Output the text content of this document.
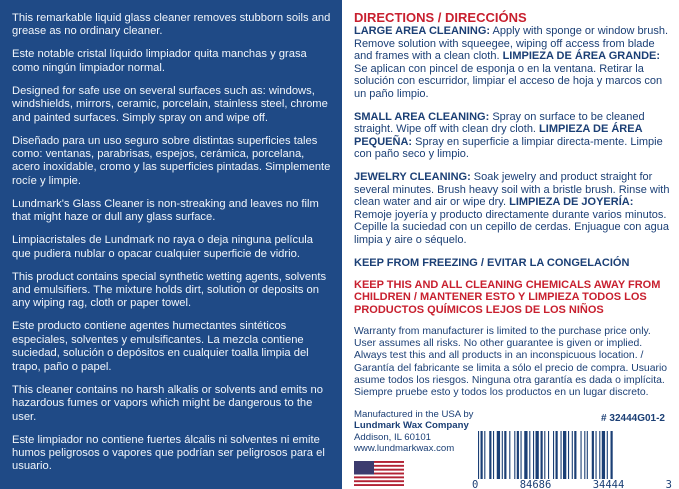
This remarkable liquid glass cleaner removes stubborn soils and grease as no ordinary cleaner.

Este notable cristal líquido limpiador quita manchas y grasa como ningún limpiador normal.

Designed for safe use on several surfaces such as: windows, windshields, mirrors, ceramic, porcelain, stainless steel, chrome and painted surfaces. Simply spray on and wipe off.

Diseñado para un uso seguro sobre distintas superficies tales como: ventanas, parabrisas, espejos, cerámica, porcelana, acero inoxidable, cromo y las superficies pintadas. Simplemente rocíe y limpie.

Lundmark's Glass Cleaner is non-streaking and leaves no film that might haze or dull any glass surface.

Limpiacristales de Lundmark no raya o deja ninguna película que pudiera nublar o opacar cualquier superficie de vidrio.

This product contains special synthetic wetting agents, solvents and emulsifiers. The mixture holds dirt, solution or deposits on any wiping rag, cloth or paper towel.

Este producto contiene agentes humectantes sintéticos especiales, solventes y emulsificantes. La mezcla contiene suciedad, solución o depósitos en cualquier toalla limpia del trapo, paño o papel.

This cleaner contains no harsh alkalis or solvents and emits no hazardous fumes or vapors which might be dangerous to the user.

Este limpiador no contiene fuertes álcalis ni solventes ni emite humos peligrosos o vapores que podrían ser peligrosos para el usuario.

DIRECTIONS / DIRECCIÓNS

LARGE AREA CLEANING: Apply with sponge or window brush. Remove solution with squeegee, wiping off access from blade and frames with a clean cloth. LIMPIEZA DE ÁREA GRANDE: Se aplican con pincel de esponja o en la ventana. Retirar la solución con escurridor, limpiar el acceso de hoja y marcos con un paño limpio.

SMALL AREA CLEANING: Spray on surface to be cleaned straight. Wipe off with clean dry cloth. LIMPIEZA DE ÁREA PEQUEÑA: Spray en superficie a limpiar directa-mente. Limpie con paño seco y limpio.

JEWELRY CLEANING: Soak jewelry and product straight for several minutes. Brush heavy soil with a bristle brush. Rinse with clean water and air or wipe dry. LIMPIEZA DE JOYERÍA: Remoje joyería y producto directamente durante varios minutos. Cepille la suciedad con un cepillo de cerdas. Enjuague con agua limpia y aire o séquelo.

KEEP FROM FREEZING / EVITAR LA CONGELACIÓN

KEEP THIS AND ALL CLEANING CHEMICALS AWAY FROM CHILDREN / MANTENER ESTO Y LIMPIEZA TODOS LOS PRODUCTOS QUÍMICOS LEJOS DE LOS NIÑOS

Warranty from manufacturer is limited to the purchase price only. User assumes all risks. No other guarantee is given or implied. Always test this and all products in an inconspicuous location. / Garantía del fabricante se limita a sólo el precio de compra. Usuario asume todos los riesgos. Ninguna otra garantía es dada o implícita. Siempre pruebe esto y todos los productos en un lugar discreto.

Manufactured in the USA by
Lundmark Wax Company
Addison, IL 60101
www.lundmarkwax.com
# 32444G01-2
0	84686	34444	3
